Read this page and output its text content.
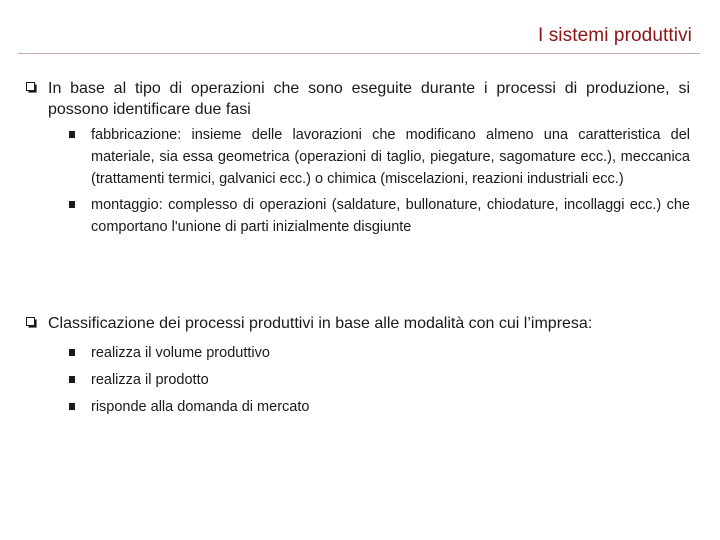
I sistemi produttivi
In base al tipo di operazioni che sono eseguite durante i processi di produzione, si possono identificare due fasi
fabbricazione: insieme delle lavorazioni che modificano almeno una caratteristica del materiale, sia essa geometrica (operazioni di taglio, piegature, sagomature ecc.), meccanica (trattamenti termici, galvanici ecc.) o chimica (miscelazioni, reazioni industriali ecc.)
montaggio: complesso di operazioni (saldature, bullonature, chiodature, incollaggi ecc.) che comportano l'unione di parti inizialmente disgiunte
Classificazione dei processi produttivi in base alle modalità con cui l’impresa:
realizza il volume produttivo
realizza il prodotto
risponde alla domanda di mercato
